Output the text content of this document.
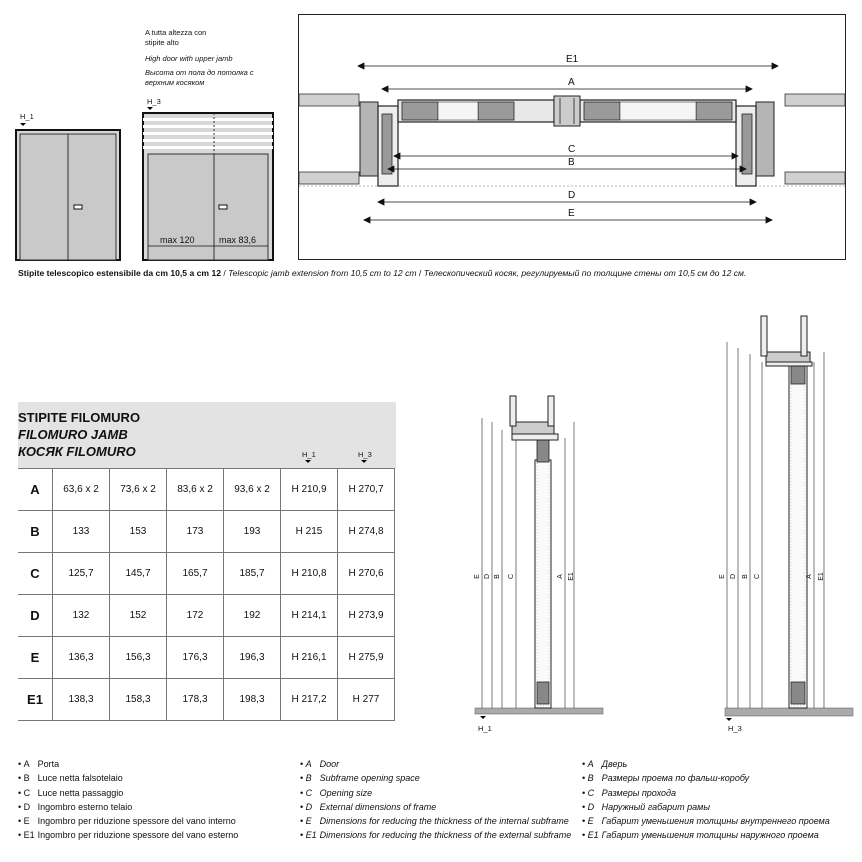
A tutta altezza con stipite alto
High door with upper jamb
Высота от пола до потолка с верхним косяком
H_1
H_3
max 120	max 83,6
E1
A
C
B
D
E
Stipite telescopico estensibile da cm 10,5 a cm 12 / Telescopic jamb extension from 10,5 cm to 12 cm / Телескопический косяк, регулируемый по толщине стены от 10,5 см до 12 см.
STIPITE FILOMURO
FILOMURO JAMB
КОСЯК FILOMURO	H_1	H_3
A	63,6 x 2	73,6 x 2	83,6 x 2	93,6 x 2	H 210,9	H 270,7
B	133	153	173	193	H 215	H 274,8
C	125,7	145,7	165,7	185,7	H 210,8	H 270,6
D	132	152	172	192	H 214,1	H 273,9
E	136,3	156,3	176,3	196,3	H 216,1	H 275,9
E1	138,3	158,3	178,3	198,3	H 217,2	H 277
H_1	H_3
E D B C	A E1	E D B C	A E1
• A Porta
• B Luce netta falsotelaio
• C Luce netta passaggio
• D Ingombro esterno telaio
• E Ingombro per riduzione spessore del vano interno
• E1 Ingombro per riduzione spessore del vano esterno
• A Door
• B Subframe opening space
• C Opening size
• D External dimensions of frame
• E Dimensions for reducing the thickness of the internal subframe
• E1 Dimensions for reducing the thickness of the external subframe
• A Дверь
• B Размеры проема по фальш-коробу
• C Размеры прохода
• D Наружный габарит рамы
• E Габарит уменьшения толщины внутреннего проема
• E1 Габарит уменьшения толщины наружного проема
